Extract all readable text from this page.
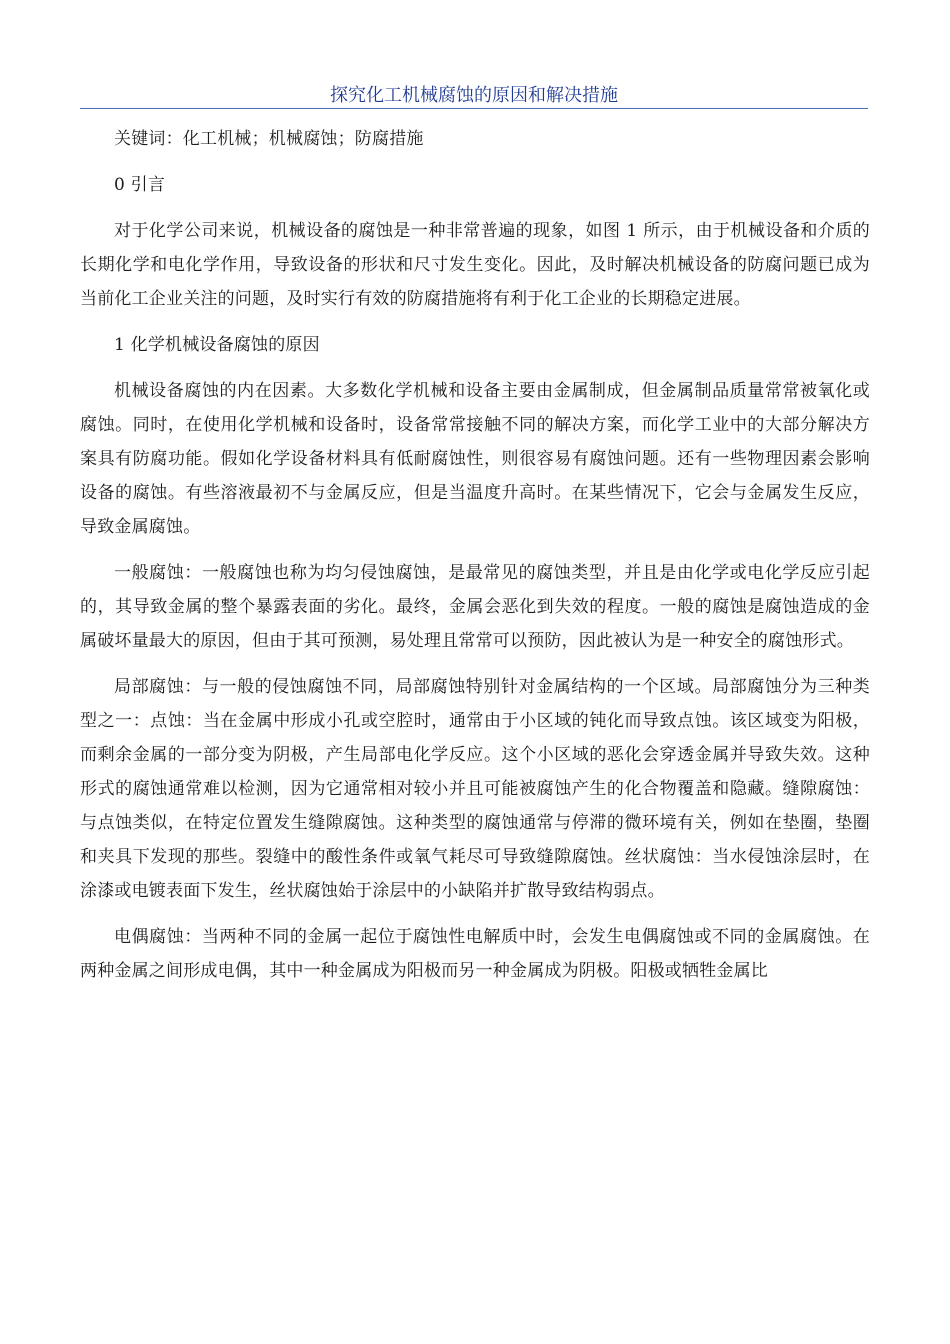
探究化工机械腐蚀的原因和解决措施

关键词：化工机械；机械腐蚀；防腐措施

0 引言

对于化学公司来说，机械设备的腐蚀是一种非常普遍的现象，如图 1 所示，由于机械设备和介质的长期化学和电化学作用，导致设备的形状和尺寸发生变化。因此，及时解决机械设备的防腐问题已成为当前化工企业关注的问题，及时实行有效的防腐措施将有利于化工企业的长期稳定进展。

1 化学机械设备腐蚀的原因

机械设备腐蚀的内在因素。大多数化学机械和设备主要由金属制成，但金属制品质量常常被氧化或腐蚀。同时，在使用化学机械和设备时，设备常常接触不同的解决方案，而化学工业中的大部分解决方案具有防腐功能。假如化学设备材料具有低耐腐蚀性，则很容易有腐蚀问题。还有一些物理因素会影响设备的腐蚀。有些溶液最初不与金属反应，但是当温度升高时。在某些情况下，它会与金属发生反应，导致金属腐蚀。

一般腐蚀：一般腐蚀也称为均匀侵蚀腐蚀，是最常见的腐蚀类型，并且是由化学或电化学反应引起的，其导致金属的整个暴露表面的劣化。最终，金属会恶化到失效的程度。一般的腐蚀是腐蚀造成的金属破坏量最大的原因，但由于其可预测，易处理且常常可以预防，因此被认为是一种安全的腐蚀形式。

局部腐蚀：与一般的侵蚀腐蚀不同，局部腐蚀特别针对金属结构的一个区域。局部腐蚀分为三种类型之一：点蚀：当在金属中形成小孔或空腔时，通常由于小区域的钝化而导致点蚀。该区域变为阳极，而剩余金属的一部分变为阴极，产生局部电化学反应。这个小区域的恶化会穿透金属并导致失效。这种形式的腐蚀通常难以检测，因为它通常相对较小并且可能被腐蚀产生的化合物覆盖和隐藏。缝隙腐蚀：与点蚀类似，在特定位置发生缝隙腐蚀。这种类型的腐蚀通常与停滞的微环境有关，例如在垫圈，垫圈和夹具下发现的那些。裂缝中的酸性条件或氧气耗尽可导致缝隙腐蚀。丝状腐蚀：当水侵蚀涂层时，在涂漆或电镀表面下发生，丝状腐蚀始于涂层中的小缺陷并扩散导致结构弱点。

电偶腐蚀：当两种不同的金属一起位于腐蚀性电解质中时，会发生电偶腐蚀或不同的金属腐蚀。在两种金属之间形成电偶，其中一种金属成为阳极而另一种金属成为阴极。阳极或牺牲金属比
